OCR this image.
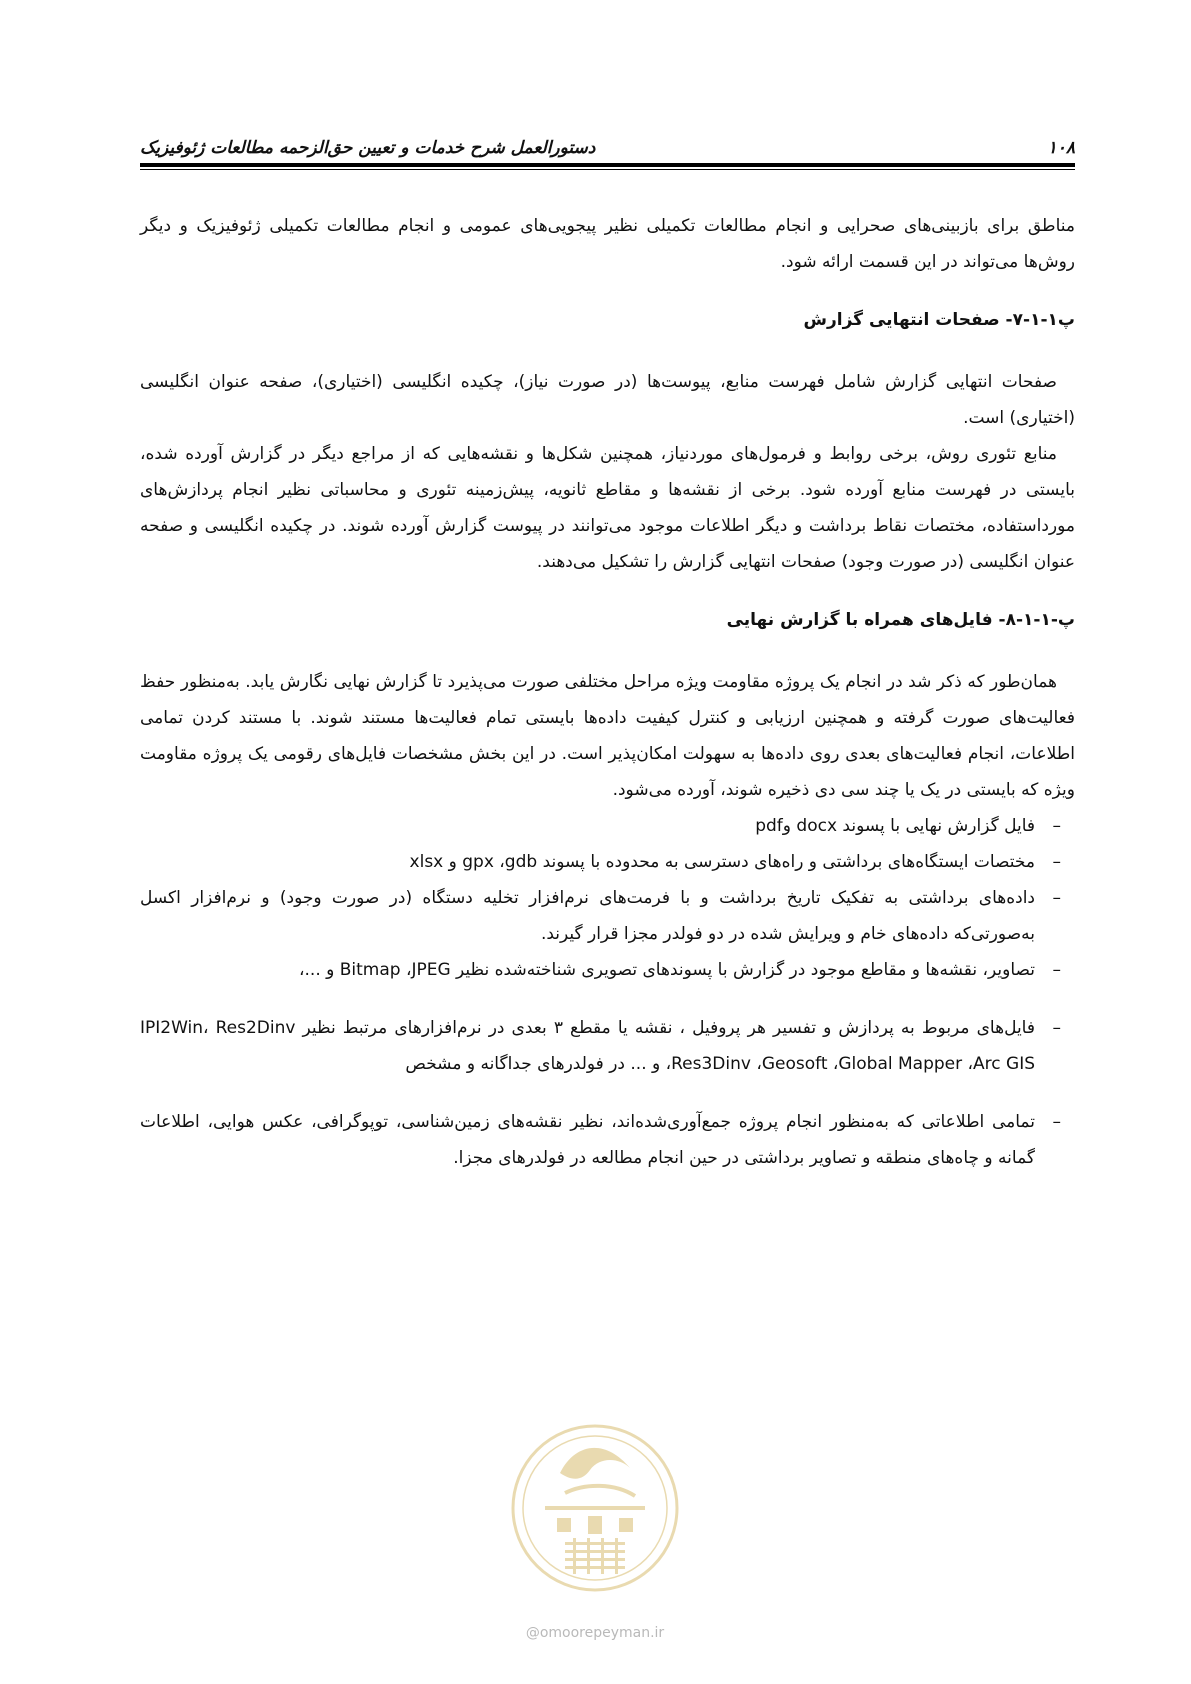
۱۰۸
دستورالعمل شرح خدمات و تعیین حق‌الزحمه مطالعات ژئوفیزیک

مناطق برای بازبینی‌های صحرایی و انجام مطالعات تکمیلی نظیر پیجویی‌های عمومی و انجام مطالعات تکمیلی ژئوفیزیک و دیگر روش‌ها می‌تواند در این قسمت ارائه شود.

پ۱-۱-۷- صفحات انتهایی گزارش

صفحات انتهایی گزارش شامل فهرست منابع، پیوست‌ها (در صورت نیاز)، چکیده انگلیسی (اختیاری)، صفحه عنوان انگلیسی (اختیاری) است.

منابع تئوری روش، برخی روابط و فرمول‌های موردنیاز، همچنین شکل‌ها و نقشه‌هایی که از مراجع دیگر در گزارش آورده شده، بایستی در فهرست منابع آورده شود. برخی از نقشه‌ها و مقاطع ثانویه، پیش‌زمینه تئوری و محاسباتی نظیر انجام پردازش‌های مورداستفاده، مختصات نقاط برداشت و دیگر اطلاعات موجود می‌توانند در پیوست گزارش آورده شوند. در چکیده انگلیسی و صفحه عنوان انگلیسی (در صورت وجود) صفحات انتهایی گزارش را تشکیل می‌دهند.

پ-۱-۱-۸- فایل‌های همراه با گزارش نهایی

همان‌طور که ذکر شد در انجام یک پروژه مقاومت ویژه مراحل مختلفی صورت می‌پذیرد تا گزارش نهایی نگارش یابد. به‌منظور حفظ فعالیت‌های صورت گرفته و همچنین ارزیابی و کنترل کیفیت داده‌ها بایستی تمام فعالیت‌ها مستند شوند. با مستند کردن تمامی اطلاعات، انجام فعالیت‌های بعدی روی داده‌ها به سهولت امکان‌پذیر است. در این بخش مشخصات فایل‌های رقومی یک پروژه مقاومت ویژه که بایستی در یک یا چند سی دی ذخیره شوند، آورده می‌شود.

– فایل گزارش نهایی با پسوند docx وpdf
– مختصات ایستگاه‌های برداشتی و راه‌های دسترسی به محدوده با پسوند gpx ،gdb و xlsx
– داده‌های برداشتی به تفکیک تاریخ برداشت و با فرمت‌های نرم‌افزار تخلیه دستگاه (در صورت وجود) و نرم‌افزار اکسل به‌صورتی‌که داده‌های خام و ویرایش شده در دو فولدر مجزا قرار گیرند.
– تصاویر، نقشه‌ها و مقاطع موجود در گزارش با پسوندهای تصویری شناخته‌شده نظیر Bitmap ،JPEG و ...،
– فایل‌های مربوط به پردازش و تفسیر هر پروفیل ، نقشه یا مقطع ۳ بعدی در نرم‌افزارهای مرتبط نظیر IPI2Win، Res2Dinv ،Res3Dinv ،Geosoft ،Global Mapper ،Arc GIS و ... در فولدرهای جداگانه و مشخص
– تمامی اطلاعاتی که به‌منظور انجام پروژه جمع‌آوری‌شده‌اند، نظیر نقشه‌های زمین‌شناسی، توپوگرافی، عکس هوایی، اطلاعات گمانه و چاه‌های منطقه و تصاویر برداشتی در حین انجام مطالعه در فولدرهای مجزا.
@omoorepeyman.ir
